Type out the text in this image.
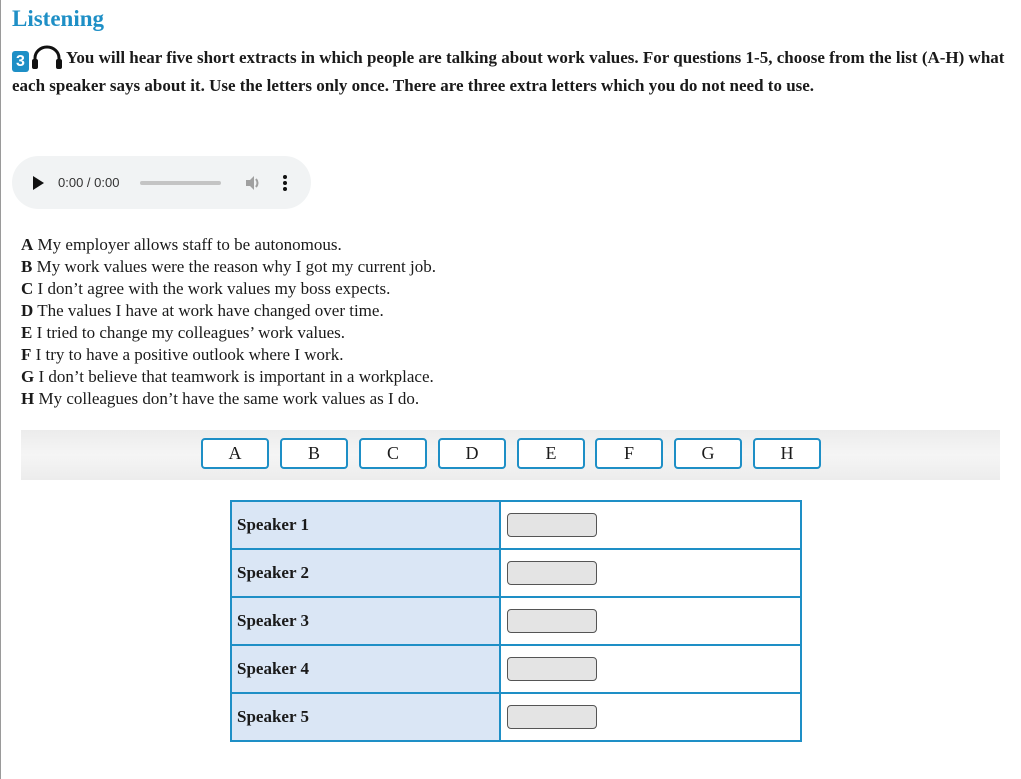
Listening

3 You will hear five short extracts in which people are talking about work values. For questions 1-5, choose from the list (A-H) what each speaker says about it. Use the letters only once. There are three extra letters which you do not need to use.

0:00 / 0:00
A My employer allows staff to be autonomous.
B My work values were the reason why I got my current job.
C I don’t agree with the work values my boss expects.
D The values I have at work have changed over time.
E I tried to change my colleagues’ work values.
F I try to have a positive outlook where I work.
G I don’t believe that teamwork is important in a workplace.
H My colleagues don’t have the same work values as I do.
A	B	C	D	E	F	G	H
Speaker 1	

Speaker 2	

Speaker 3	

Speaker 4	

Speaker 5	
